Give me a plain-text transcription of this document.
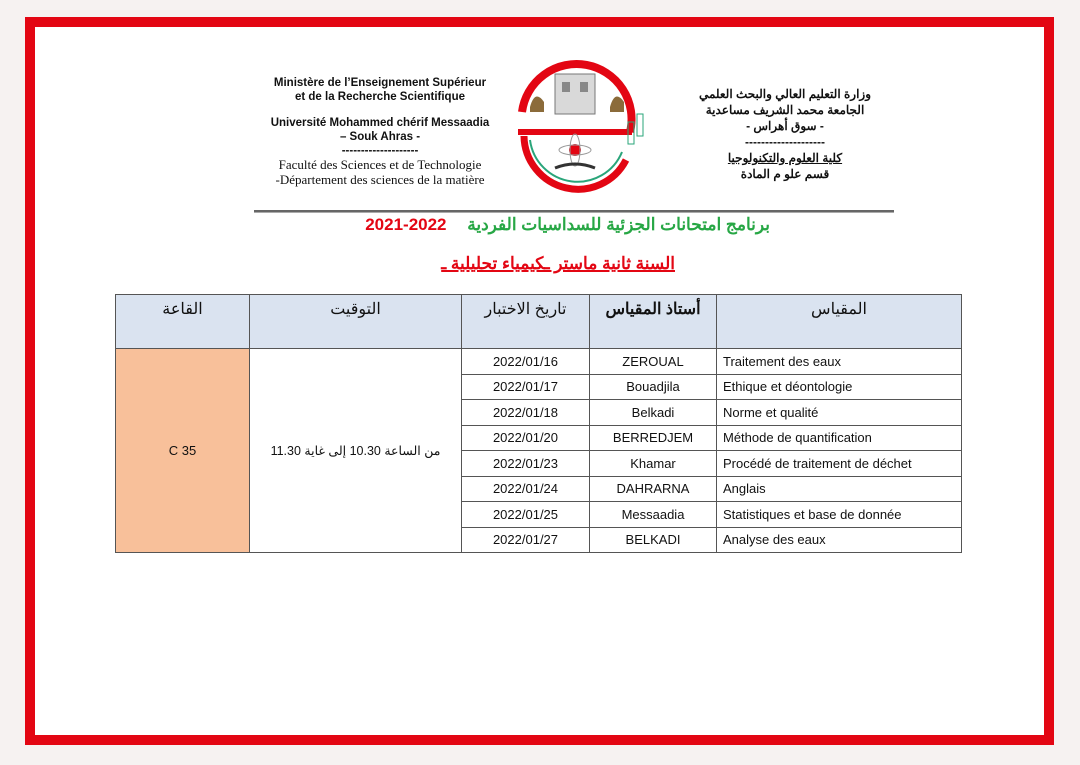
Ministère de l’Enseignement Supérieur
et de la Recherche Scientifique
Université Mohammed chérif Messaadia
– Souk Ahras -
--------------------
Faculté des Sciences et de Technologie
-Département des sciences de la matière
وزارة التعليم العالي والبحث العلمي
الجامعة محمد الشريف مساعدية
- سوق أهراس -
--------------------
كلية العلوم والتكنولوجيا
قسم علو م المادة
برنامج امتحانات الجزئية للسداسيات الفردية 2021-2022
السنة ثانية ماستر ـكيمياء تحليلية ـ
القاعة	التوقيت	تاريخ الاختبار	أستاذ المقياس	المقياس
C 35	من الساعة 10.30 إلى غاية 11.30	2022/01/16	ZEROUAL	Traitement des eaux
		2022/01/17	Bouadjila	Ethique et déontologie
		2022/01/18	Belkadi	Norme et qualité
		2022/01/20	BERREDJEM	Méthode de quantification
		2022/01/23	Khamar	Procédé de traitement de déchet
		2022/01/24	DAHRARNA	Anglais
		2022/01/25	Messaadia	Statistiques et base de donnée
		2022/01/27	BELKADI	Analyse des eaux
